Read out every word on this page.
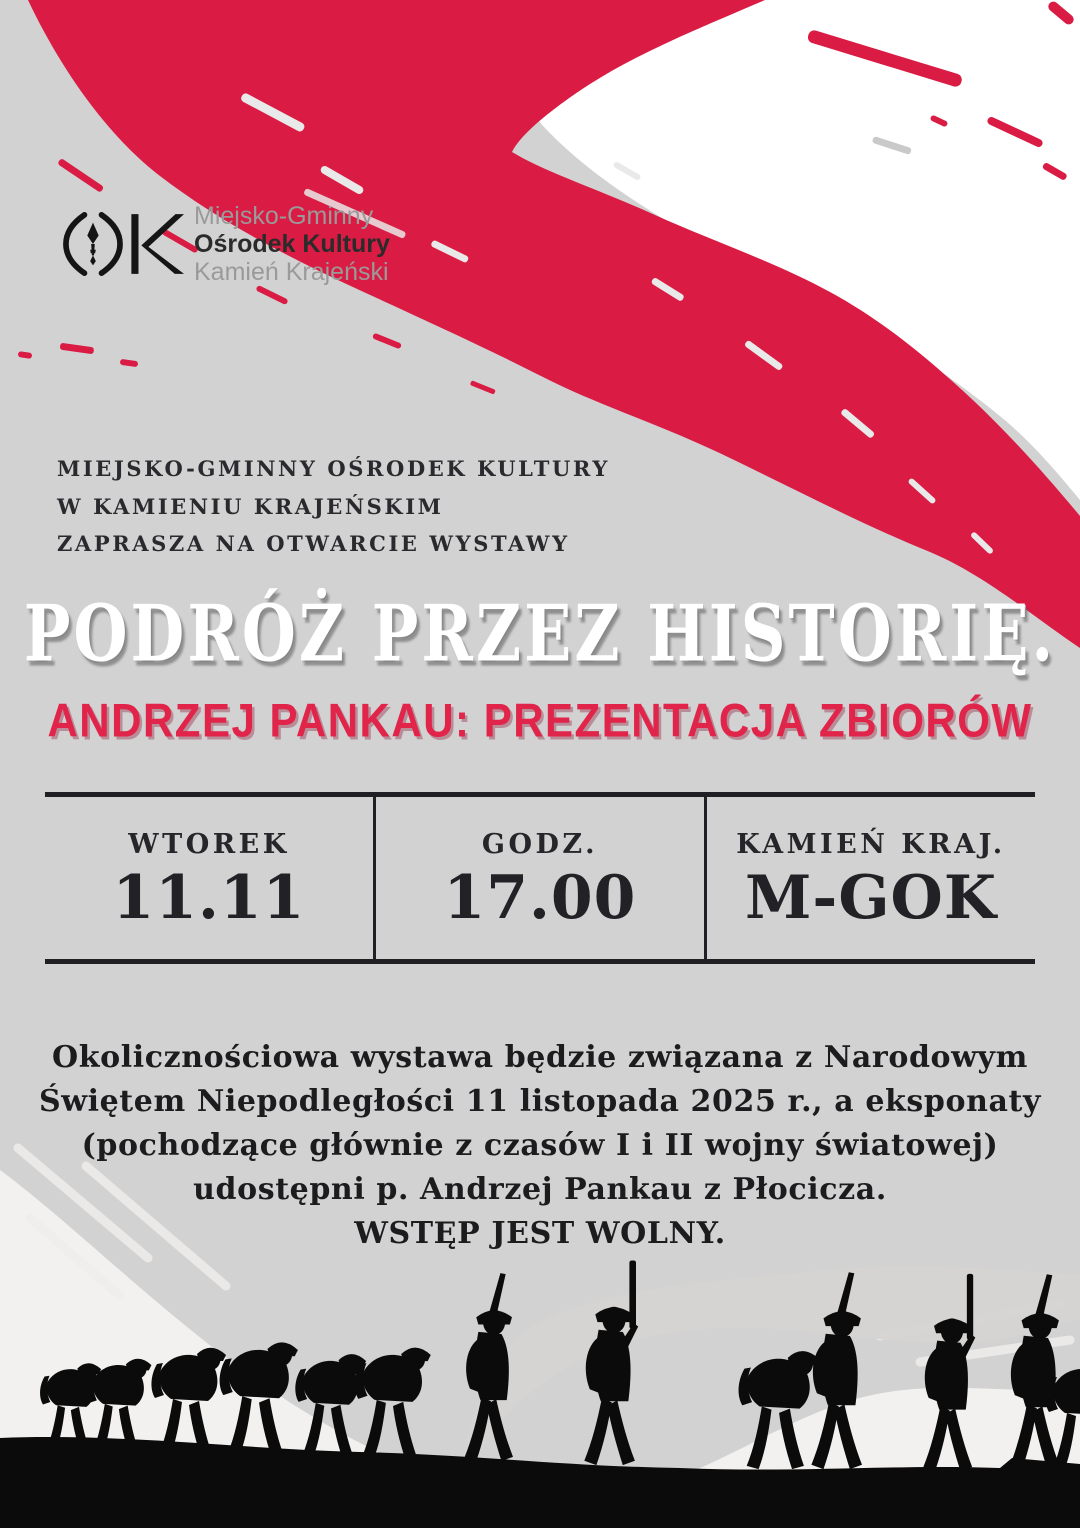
Miejsko-Gminny
Ośrodek Kultury
Kamień Krajeński
MIEJSKO-GMINNY OŚRODEK KULTURY
W KAMIENIU KRAJEŃSKIM
ZAPRASZA NA OTWARCIE WYSTAWY
PODRÓŻ PRZEZ HISTORIĘ.
ANDRZEJ PANKAU: PREZENTACJA ZBIORÓW
WTOREK
11.11
GODZ.
17.00
KAMIEŃ KRAJ.
M-GOK
Okolicznościowa wystawa będzie związana z Narodowym
Świętem Niepodległości 11 listopada 2025 r., a eksponaty
(pochodzące głównie z czasów I i II wojny światowej)
udostępni p. Andrzej Pankau z Płocicza.
WSTĘP JEST WOLNY.
